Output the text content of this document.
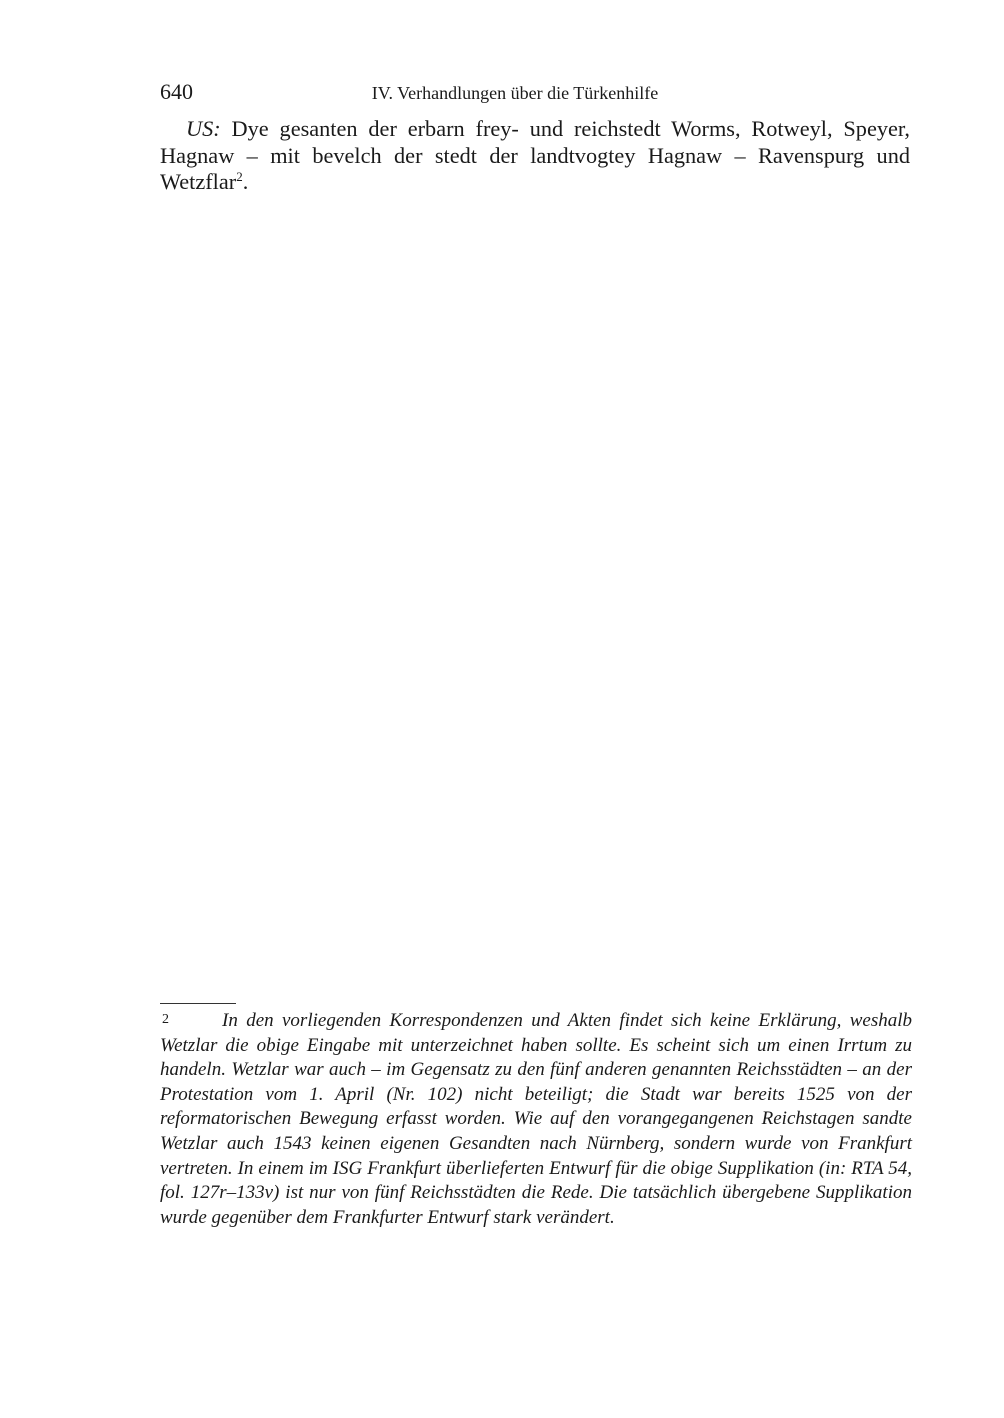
640	IV. Verhandlungen über die Türkenhilfe
US: Dye gesanten der erbarn frey- und reichstedt Worms, Rotweyl, Speyer, Hagnaw – mit bevelch der stedt der landtvogtey Hagnaw – Ravenspurg und Wetzflar$^2$.
2	In den vorliegenden Korrespondenzen und Akten findet sich keine Erklärung, weshalb Wetzlar die obige Eingabe mit unterzeichnet haben sollte. Es scheint sich um einen Irrtum zu handeln. Wetzlar war auch – im Gegensatz zu den fünf anderen genannten Reichsstädten – an der Protestation vom 1. April (Nr. 102) nicht beteiligt; die Stadt war bereits 1525 von der reformatorischen Bewegung erfasst worden. Wie auf den vorangegangenen Reichstagen sandte Wetzlar auch 1543 keinen eigenen Gesandten nach Nürnberg, sondern wurde von Frankfurt vertreten. In einem im ISG Frankfurt überlieferten Entwurf für die obige Supplikation (in: RTA 54, fol. 127r–133v) ist nur von fünf Reichsstädten die Rede. Die tatsächlich übergebene Supplikation wurde gegenüber dem Frankfurter Entwurf stark verändert.
